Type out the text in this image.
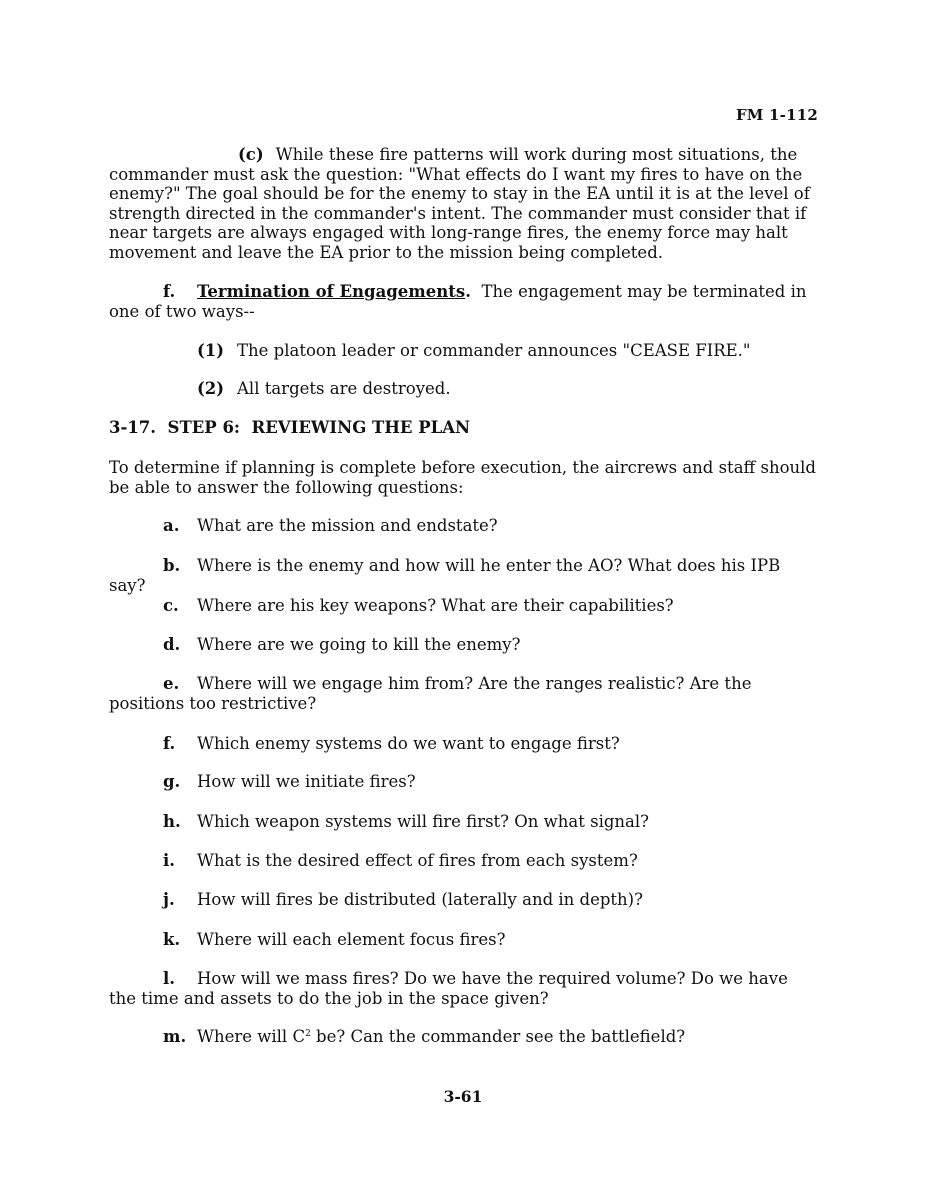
FM 1-112
(c) While these fire patterns will work during most situations, the commander must ask the question: "What effects do I want my fires to have on the enemy?" The goal should be for the enemy to stay in the EA until it is at the level of strength directed in the commander's intent. The commander must consider that if near targets are always engaged with long-range fires, the enemy force may halt movement and leave the EA prior to the mission being completed.
f. Termination of Engagements. The engagement may be terminated in one of two ways--
(1) The platoon leader or commander announces "CEASE FIRE."
(2) All targets are destroyed.
3-17.  STEP 6:  REVIEWING THE PLAN
To determine if planning is complete before execution, the aircrews and staff should be able to answer the following questions:
a. What are the mission and endstate?
b. Where is the enemy and how will he enter the AO? What does his IPB say?
c. Where are his key weapons? What are their capabilities?
d. Where are we going to kill the enemy?
e. Where will we engage him from? Are the ranges realistic? Are the positions too restrictive?
f. Which enemy systems do we want to engage first?
g. How will we initiate fires?
h. Which weapon systems will fire first? On what signal?
i. What is the desired effect of fires from each system?
j. How will fires be distributed (laterally and in depth)?
k. Where will each element focus fires?
l. How will we mass fires? Do we have the required volume? Do we have the time and assets to do the job in the space given?
m. Where will $C^2$ be? Can the commander see the battlefield?
3-61
